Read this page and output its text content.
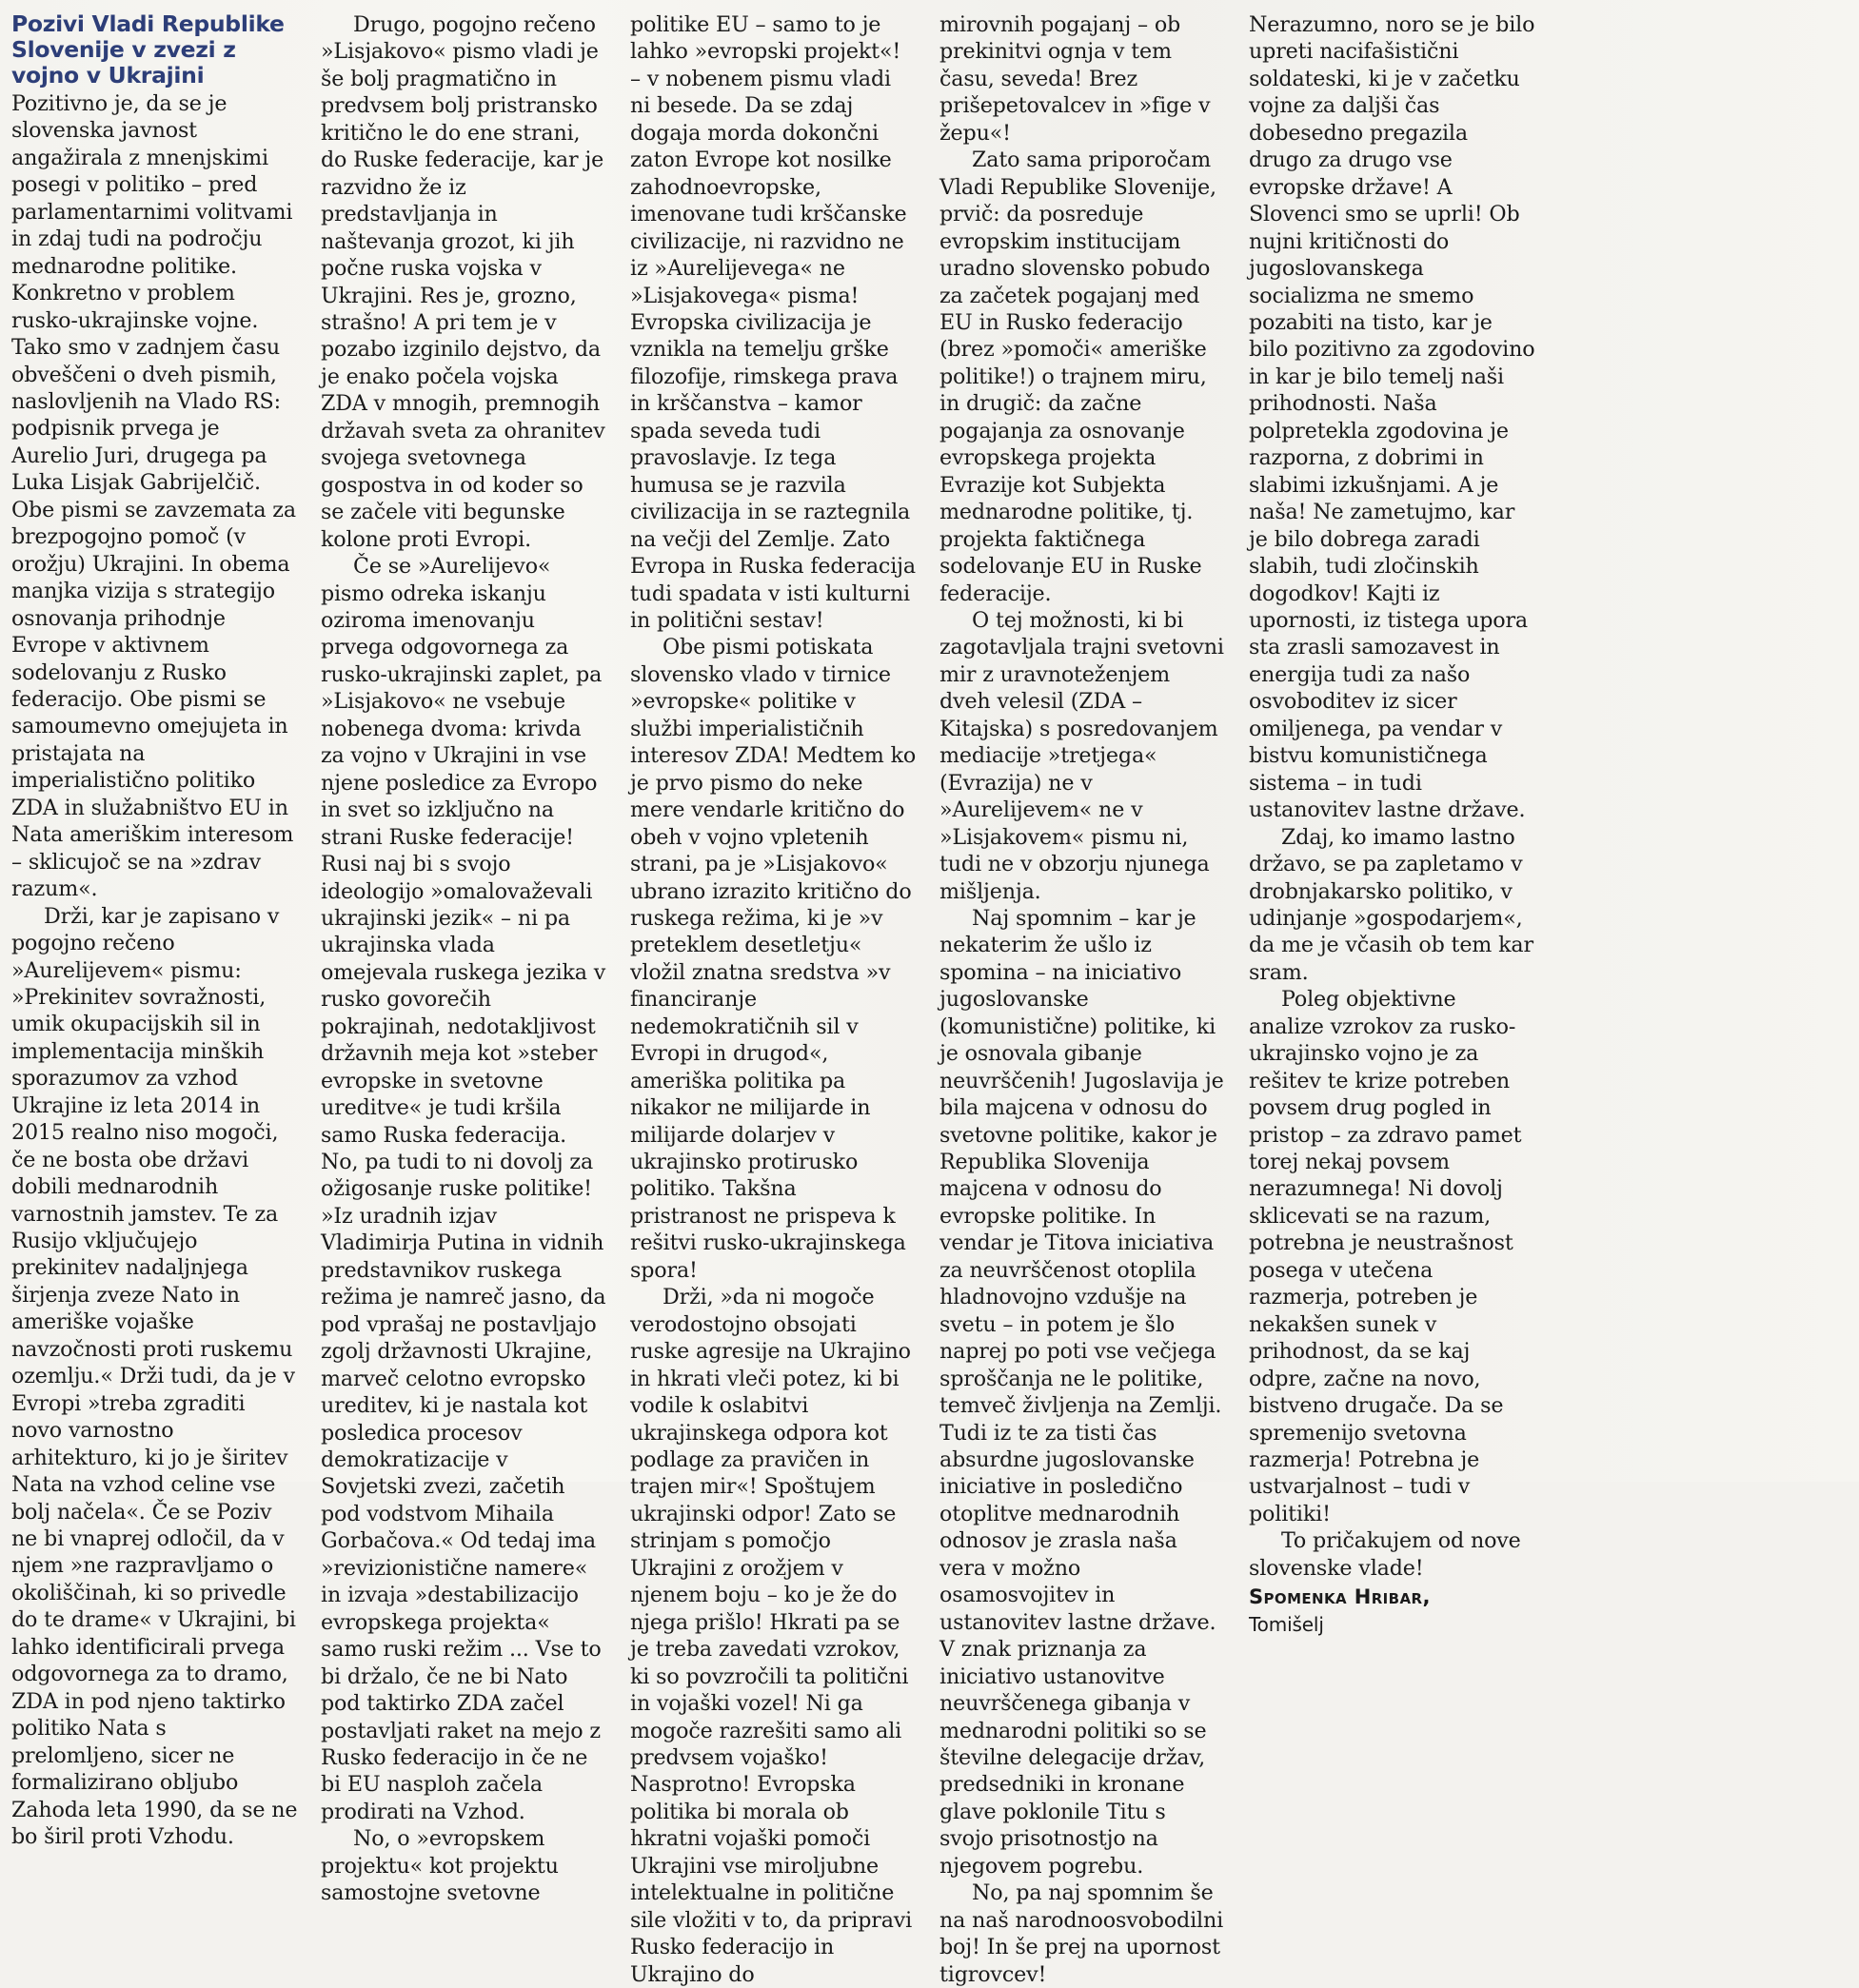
Pozivi Vladi Republike Slovenije v zvezi z vojno v Ukrajini

Pozitivno je, da se je slovenska javnost angažirala z mnenjskimi posegi v politiko – pred parlamentarnimi volitvami in zdaj tudi na področju mednarodne politike. Konkretno v problem rusko-ukrajinske vojne. Tako smo v zadnjem času obveščeni o dveh pismih, naslovljenih na Vlado RS: podpisnik prvega je Aurelio Juri, drugega pa Luka Lisjak Gabrijelčič. Obe pismi se zavzemata za brezpogojno pomoč (v orožju) Ukrajini. In obema manjka vizija s strategijo osnovanja prihodnje Evrope v aktivnem sodelovanju z Rusko federacijo. Obe pismi se samoumevno omejujeta in pristajata na imperialistično politiko ZDA in služabništvo EU in Nata ameriškim interesom – sklicujoč se na »zdrav razum«.

Drži, kar je zapisano v pogojno rečeno »Aurelijevem« pismu: »Prekinitev sovražnosti, umik okupacijskih sil in implementacija minških sporazumov za vzhod Ukrajine iz leta 2014 in 2015 realno niso mogoči, če ne bosta obe državi dobili mednarodnih varnostnih jamstev. Te za Rusijo vključujejo prekinitev nadaljnjega širjenja zveze Nato in ameriške vojaške navzočnosti proti ruskemu ozemlju.« Drži tudi, da je v Evropi »treba zgraditi novo varnostno arhitekturo, ki jo je širitev Nata na vzhod celine vse bolj načela«. Če se Poziv ne bi vnaprej odločil, da v njem »ne razpravljamo o okoliščinah, ki so privedle do te drame« v Ukrajini, bi lahko identificirali prvega odgovornega za to dramo, ZDA in pod njeno taktirko politiko Nata s prelomljeno, sicer ne formalizirano obljubo Zahoda leta 1990, da se ne bo širil proti Vzhodu.

Drugo, pogojno rečeno »Lisjakovo« pismo vladi je še bolj pragmatično in predvsem bolj pristransko kritično le do ene strani, do Ruske federacije, kar je razvidno že iz predstavljanja in naštevanja grozot, ki jih počne ruska vojska v Ukrajini. Res je, grozno, strašno! A pri tem je v pozabo izginilo dejstvo, da je enako počela vojska ZDA v mnogih, premnogih državah sveta za ohranitev svojega svetovnega gospostva in od koder so se začele viti begunske kolone proti Evropi.

Če se »Aurelijevo« pismo odreka iskanju oziroma imenovanju prvega odgovornega za rusko-ukrajinski zaplet, pa »Lisjakovo« ne vsebuje nobenega dvoma: krivda za vojno v Ukrajini in vse njene posledice za Evropo in svet so izključno na strani Ruske federacije! Rusi naj bi s svojo ideologijo »omalovaževali ukrajinski jezik« – ni pa ukrajinska vlada omejevala ruskega jezika v rusko govorečih pokrajinah, nedotakljivost državnih meja kot »steber evropske in svetovne ureditve« je tudi kršila samo Ruska federacija. No, pa tudi to ni dovolj za ožigosanje ruske politike! »Iz uradnih izjav Vladimirja Putina in vidnih predstavnikov ruskega režima je namreč jasno, da pod vprašaj ne postavljajo zgolj državnosti Ukrajine, marveč celotno evropsko ureditev, ki je nastala kot posledica procesov demokratizacije v Sovjetski zvezi, začetih pod vodstvom Mihaila Gorbačova.« Od tedaj ima »revizionistične namere« in izvaja »destabilizacijo evropskega projekta« samo ruski režim ... Vse to bi držalo, če ne bi Nato pod taktirko ZDA začel postavljati raket na mejo z Rusko federacijo in če ne bi EU nasploh začela prodirati na Vzhod.

No, o »evropskem projektu« kot projektu samostojne svetovne

politike EU – samo to je lahko »evropski projekt«! – v nobenem pismu vladi ni besede. Da se zdaj dogaja morda dokončni zaton Evrope kot nosilke zahodnoevropske, imenovane tudi krščanske civilizacije, ni razvidno ne iz »Aurelijevega« ne »Lisjakovega« pisma! Evropska civilizacija je vznikla na temelju grške filozofije, rimskega prava in krščanstva – kamor spada seveda tudi pravoslavje. Iz tega humusa se je razvila civilizacija in se raztegnila na večji del Zemlje. Zato Evropa in Ruska federacija tudi spadata v isti kulturni in politični sestav!

Obe pismi potiskata slovensko vlado v tirnice »evropske« politike v službi imperialističnih interesov ZDA! Medtem ko je prvo pismo do neke mere vendarle kritično do obeh v vojno vpletenih strani, pa je »Lisjakovo« ubrano izrazito kritično do ruskega režima, ki je »v preteklem desetletju« vložil znatna sredstva »v financiranje nedemokratičnih sil v Evropi in drugod«, ameriška politika pa nikakor ne milijarde in milijarde dolarjev v ukrajinsko protirusko politiko. Takšna pristranost ne prispeva k rešitvi rusko-ukrajinskega spora!

Drži, »da ni mogoče verodostojno obsojati ruske agresije na Ukrajino in hkrati vleči potez, ki bi vodile k oslabitvi ukrajinskega odpora kot podlage za pravičen in trajen mir«! Spoštujem ukrajinski odpor! Zato se strinjam s pomočjo Ukrajini z orožjem v njenem boju – ko je že do njega prišlo! Hkrati pa se je treba zavedati vzrokov, ki so povzročili ta politični in vojaški vozel! Ni ga mogoče razrešiti samo ali predvsem vojaško! Nasprotno! Evropska politika bi morala ob hkratni vojaški pomoči Ukrajini vse miroljubne intelektualne in politične sile vložiti v to, da pripravi Rusko federacijo in Ukrajino do

mirovnih pogajanj – ob prekinitvi ognja v tem času, seveda! Brez prišepetovalcev in »fige v žepu«!

Zato sama priporočam Vladi Republike Slovenije, prvič: da posreduje evropskim institucijam uradno slovensko pobudo za začetek pogajanj med EU in Rusko federacijo (brez »pomoči« ameriške politike!) o trajnem miru, in drugič: da začne pogajanja za osnovanje evropskega projekta Evrazije kot Subjekta mednarodne politike, tj. projekta faktičnega sodelovanje EU in Ruske federacije.

O tej možnosti, ki bi zagotavljala trajni svetovni mir z uravnoteženjem dveh velesil (ZDA – Kitajska) s posredovanjem mediacije »tretjega« (Evrazija) ne v »Aurelijevem« ne v »Lisjakovem« pismu ni, tudi ne v obzorju njunega mišljenja.

Naj spomnim – kar je nekaterim že ušlo iz spomina – na iniciativo jugoslovanske (komunistične) politike, ki je osnovala gibanje neuvrščenih! Jugoslavija je bila majcena v odnosu do svetovne politike, kakor je Republika Slovenija majcena v odnosu do evropske politike. In vendar je Titova iniciativa za neuvrščenost otoplila hladnovojno vzdušje na svetu – in potem je šlo naprej po poti vse večjega sproščanja ne le politike, temveč življenja na Zemlji. Tudi iz te za tisti čas absurdne jugoslovanske iniciative in posledično otoplitve mednarodnih odnosov je zrasla naša vera v možno osamosvojitev in ustanovitev lastne države. V znak priznanja za iniciativo ustanovitve neuvrščenega gibanja v mednarodni politiki so se številne delegacije držav, predsedniki in kronane glave poklonile Titu s svojo prisotnostjo na njegovem pogrebu.

No, pa naj spomnim še na naš narodnoosvobodilni boj! In še prej na upornost tigrovcev!

Nerazumno, noro se je bilo upreti nacifašistični soldateski, ki je v začetku vojne za daljši čas dobesedno pregazila drugo za drugo vse evropske države! A Slovenci smo se uprli! Ob nujni kritičnosti do jugoslovanskega socializma ne smemo pozabiti na tisto, kar je bilo pozitivno za zgodovino in kar je bilo temelj naši prihodnosti. Naša polpretekla zgodovina je razporna, z dobrimi in slabimi izkušnjami. A je naša! Ne zametujmo, kar je bilo dobrega zaradi slabih, tudi zločinskih dogodkov! Kajti iz upornosti, iz tistega upora sta zrasli samozavest in energija tudi za našo osvoboditev iz sicer omiljenega, pa vendar v bistvu komunističnega sistema – in tudi ustanovitev lastne države.

Zdaj, ko imamo lastno državo, se pa zapletamo v drobnjakarsko politiko, v udinjanje »gospodarjem«, da me je včasih ob tem kar sram.

Poleg objektivne analize vzrokov za rusko-ukrajinsko vojno je za rešitev te krize potreben povsem drug pogled in pristop – za zdravo pamet torej nekaj povsem nerazumnega! Ni dovolj sklicevati se na razum, potrebna je neustrašnost posega v utečena razmerja, potreben je nekakšen sunek v prihodnost, da se kaj odpre, začne na novo, bistveno drugače. Da se spremenijo svetovna razmerja! Potrebna je ustvarjalnost – tudi v politiki!

To pričakujem od nove slovenske vlade!

Spomenka Hribar,
Tomišelj
